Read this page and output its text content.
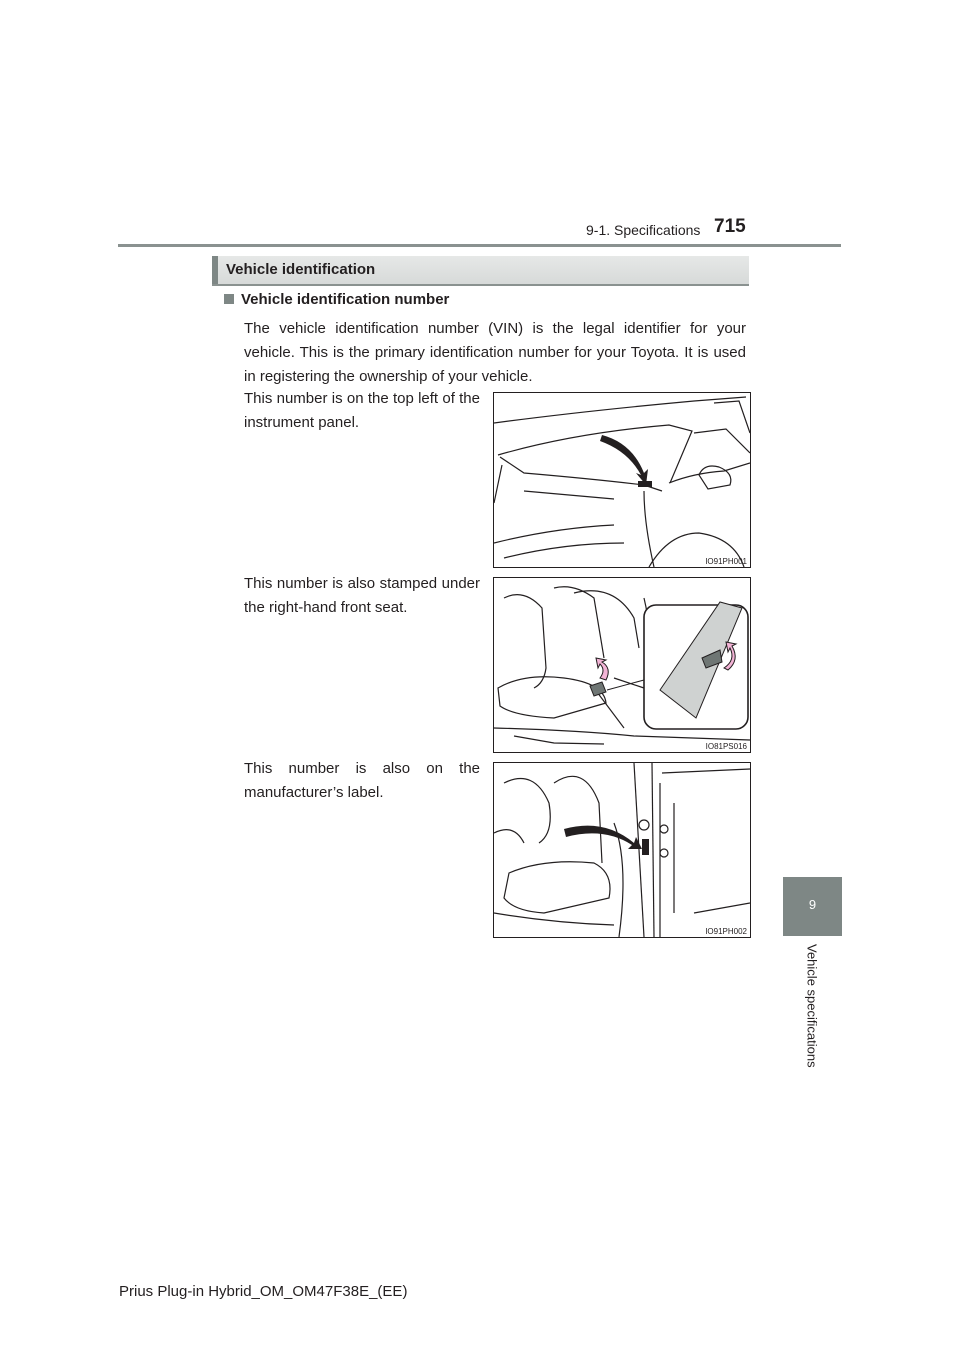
9-1. Specifications 715
9
Vehicle specifications
Vehicle identification
Vehicle identification number
The vehicle identification number (VIN) is the legal identifier for your vehicle. This is the primary identification number for your Toyota. It is used in registering the ownership of your vehicle.
This number is on the top left of the instrument panel.
IO91PH001
This number is also stamped under the right-hand front seat.
IO81PS016
This number is also on the manufacturer’s label.
IO91PH002
Prius Plug-in Hybrid_OM_OM47F38E_(EE)
